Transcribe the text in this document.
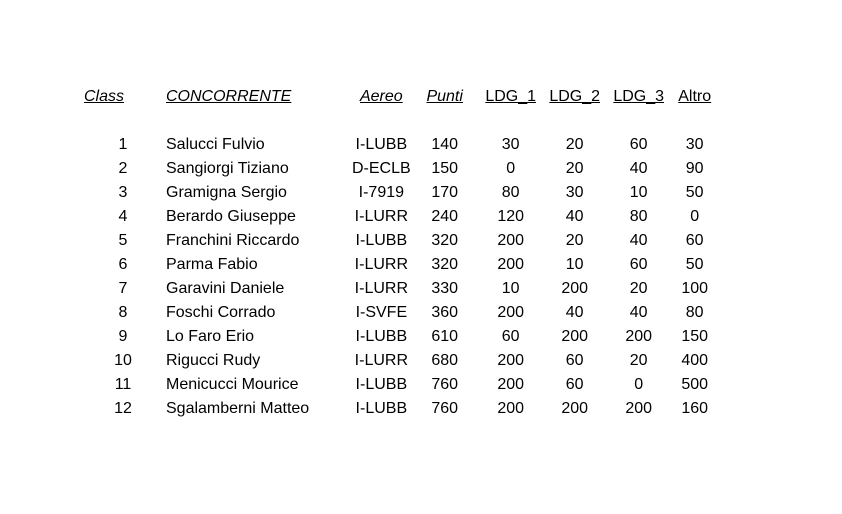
Class	CONCORRENTE	Aereo	Punti	LDG_1	LDG_2	LDG_3	Altro

1	Salucci Fulvio	I-LUBB	140	30	20	60	30
2	Sangiorgi Tiziano	D-ECLB	150	0	20	40	90
3	Gramigna Sergio	I-7919	170	80	30	10	50
4	Berardo Giuseppe	I-LURR	240	120	40	80	0
5	Franchini Riccardo	I-LUBB	320	200	20	40	60
6	Parma Fabio	I-LURR	320	200	10	60	50
7	Garavini Daniele	I-LURR	330	10	200	20	100
8	Foschi Corrado	I-SVFE	360	200	40	40	80
9	Lo Faro Erio	I-LUBB	610	60	200	200	150
10	Rigucci Rudy	I-LURR	680	200	60	20	400
11	Menicucci Mourice	I-LUBB	760	200	60	0	500
12	Sgalamberni Matteo	I-LUBB	760	200	200	200	160
